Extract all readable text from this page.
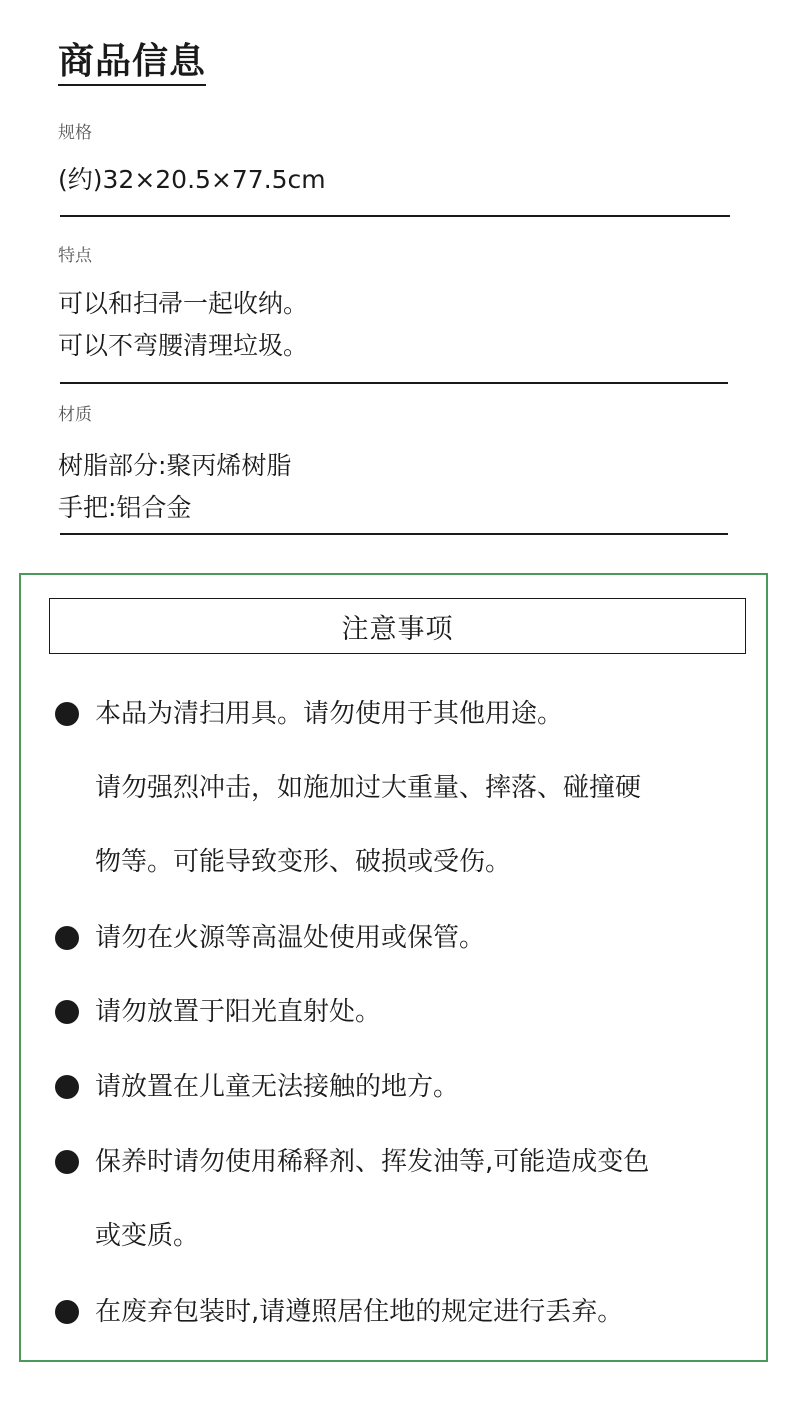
商品信息
规格
(约)32×20.5×77.5cm
特点
可以和扫帚一起收纳。
可以不弯腰清理垃圾。
材质
树脂部分:聚丙烯树脂
手把:铝合金
注意事项
本品为清扫用具。请勿使用于其他用途。
请勿强烈冲击，如施加过大重量、摔落、碰撞硬
物等。可能导致变形、破损或受伤。
请勿在火源等高温处使用或保管。
请勿放置于阳光直射处。
请放置在儿童无法接触的地方。
保养时请勿使用稀释剂、挥发油等,可能造成变色
或变质。
在废弃包装时,请遵照居住地的规定进行丢弃。
